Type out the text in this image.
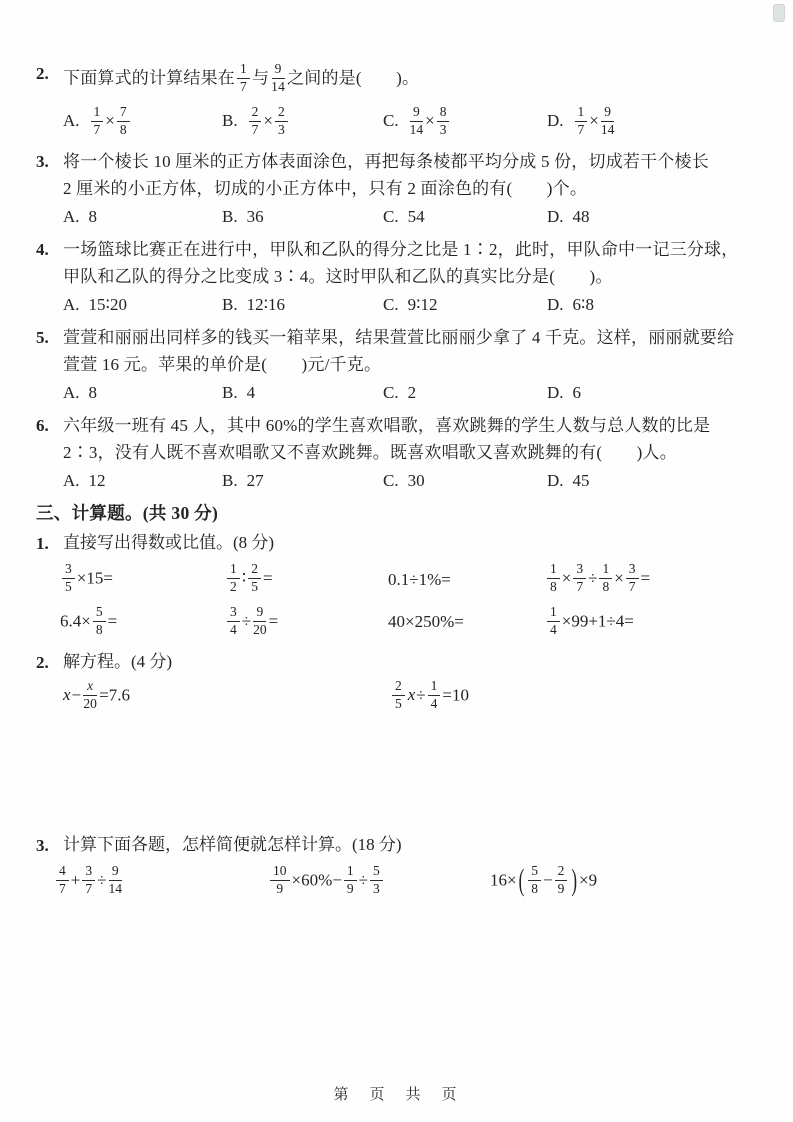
2. 下面算式的计算结果在 $\frac{1}{7}$ 与 $\frac{9}{14}$ 之间的是(　　)。
A. $\frac{1}{7} \times \frac{7}{8}$	B. $\frac{2}{7} \times \frac{2}{3}$	C. $\frac{9}{14} \times \frac{8}{3}$	D. $\frac{1}{7} \times \frac{9}{14}$
3. 将一个棱长 10 厘米的正方体表面涂色，再把每条棱都平均分成 5 份，切成若干个棱长
2 厘米的小正方体，切成的小正方体中，只有 2 面涂色的有(　　)个。
A. 8	B. 36	C. 54	D. 48
4. 一场篮球比赛正在进行中，甲队和乙队的得分之比是 1∶2，此时，甲队命中一记三分球，
甲队和乙队的得分之比变成 3∶4。这时甲队和乙队的真实比分是(　　)。
A. 15∶20	B. 12∶16	C. 9∶12	D. 6∶8
5. 萱萱和丽丽出同样多的钱买一箱苹果，结果萱萱比丽丽少拿了 4 千克。这样，丽丽就要给
萱萱 16 元。苹果的单价是(　　)元/千克。
A. 8	B. 4	C. 2	D. 6
6. 六年级一班有 45 人，其中 60%的学生喜欢唱歌，喜欢跳舞的学生人数与总人数的比是
2∶3，没有人既不喜欢唱歌又不喜欢跳舞。既喜欢唱歌又喜欢跳舞的有(　　)人。
A. 12	B. 27	C. 30	D. 45
三、计算题。(共 30 分)
1. 直接写出得数或比值。(8 分)
$\frac{3}{5} \times 15=$	$\frac{1}{2}$ ∶ $\frac{2}{5}$ =	0.1÷1%=	$\frac{1}{8} \times \frac{3}{7} \div \frac{1}{8} \times \frac{3}{7}$ =
$6.4\times \frac{5}{8}$ =	$\frac{3}{4} \div \frac{9}{20}$ =	40×250%=	$\frac{1}{4} \times 99+1\div 4=$
2. 解方程。(4 分)
$x- \frac{x}{20} =7.6$	$\frac{2}{5} x\div \frac{1}{4} =10$
3. 计算下面各题，怎样简便就怎样计算。(18 分)
$\frac{4}{7} + \frac{3}{7} \div \frac{9}{14}$	$\frac{10}{9} \times 60\%- \frac{1}{9} \div \frac{5}{3}$	16× ( $\frac{5}{8} - \frac{2}{9}$ ) ×9
第　页　共　页
